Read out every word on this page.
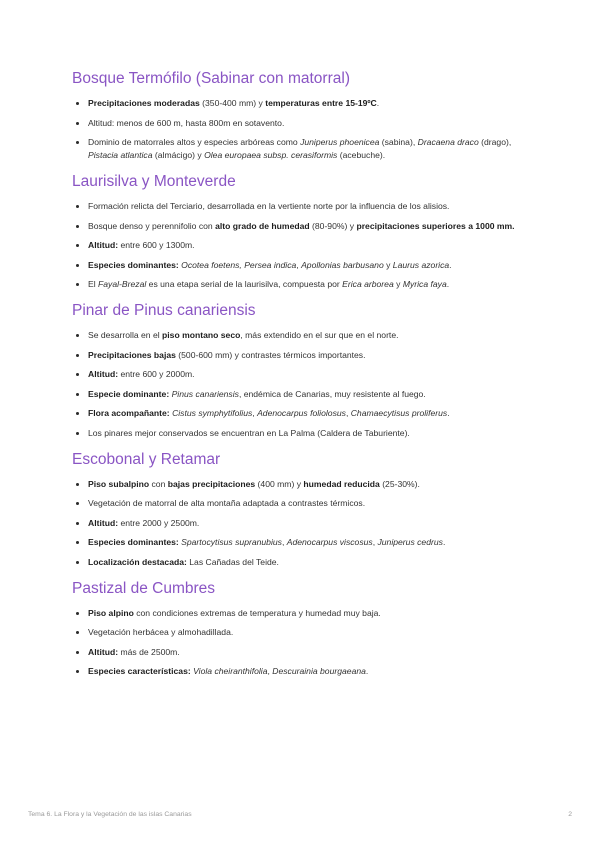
Bosque Termófilo (Sabinar con matorral)
Precipitaciones moderadas (350-400 mm) y temperaturas entre 15-19ºC.
Altitud: menos de 600 m, hasta 800m en sotavento.
Dominio de matorrales altos y especies arbóreas como Juniperus phoenicea (sabina), Dracaena draco (drago), Pistacia atlantica (almácigo) y Olea europaea subsp. cerasiformis (acebuche).
Laurisilva y Monteverde
Formación relicta del Terciario, desarrollada en la vertiente norte por la influencia de los alisios.
Bosque denso y perennifolio con alto grado de humedad (80-90%) y precipitaciones superiores a 1000 mm.
Altitud: entre 600 y 1300m.
Especies dominantes: Ocotea foetens, Persea indica, Apollonias barbusano y Laurus azorica.
El Fayal-Brezal es una etapa serial de la laurisilva, compuesta por Erica arborea y Myrica faya.
Pinar de Pinus canariensis
Se desarrolla en el piso montano seco, más extendido en el sur que en el norte.
Precipitaciones bajas (500-600 mm) y contrastes térmicos importantes.
Altitud: entre 600 y 2000m.
Especie dominante: Pinus canariensis, endémica de Canarias, muy resistente al fuego.
Flora acompañante: Cistus symphytifolius, Adenocarpus foliolosus, Chamaecytisus proliferus.
Los pinares mejor conservados se encuentran en La Palma (Caldera de Taburiente).
Escobonal y Retamar
Piso subalpino con bajas precipitaciones (400 mm) y humedad reducida (25-30%).
Vegetación de matorral de alta montaña adaptada a contrastes térmicos.
Altitud: entre 2000 y 2500m.
Especies dominantes: Spartocytisus supranubius, Adenocarpus viscosus, Juniperus cedrus.
Localización destacada: Las Cañadas del Teide.
Pastizal de Cumbres
Piso alpino con condiciones extremas de temperatura y humedad muy baja.
Vegetación herbácea y almohadillada.
Altitud: más de 2500m.
Especies características: Viola cheiranthifolia, Descurainia bourgaeana.
Tema 6. La Flora y la Vegetación de las islas Canarias	2
